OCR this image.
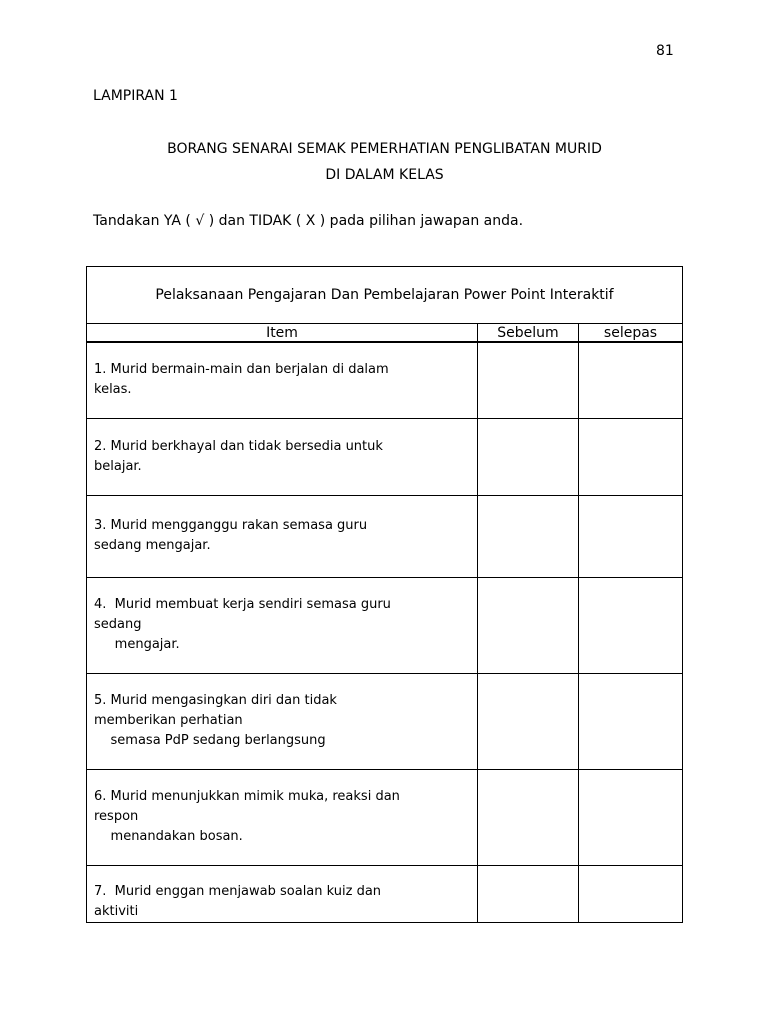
81
LAMPIRAN 1
BORANG SENARAI SEMAK PEMERHATIAN PENGLIBATAN MURID
DI DALAM KELAS
Tandakan YA ( √ ) dan TIDAK ( X ) pada pilihan jawapan anda.
Pelaksanaan Pengajaran Dan Pembelajaran Power Point Interaktif		
Item	Sebelum	selepas

1. Murid bermain-main dan berjalan di dalam
kelas.		

2. Murid berkhayal dan tidak bersedia untuk
belajar.		

3. Murid mengganggu rakan semasa guru
sedang mengajar.		

4.  Murid membuat kerja sendiri semasa guru
sedang
mengajar.		

5. Murid mengasingkan diri dan tidak
memberikan perhatian
semasa PdP sedang berlangsung		

6. Murid menunjukkan mimik muka, reaksi dan
respon
menandakan bosan.		

7.  Murid enggan menjawab soalan kuiz dan
aktiviti		
